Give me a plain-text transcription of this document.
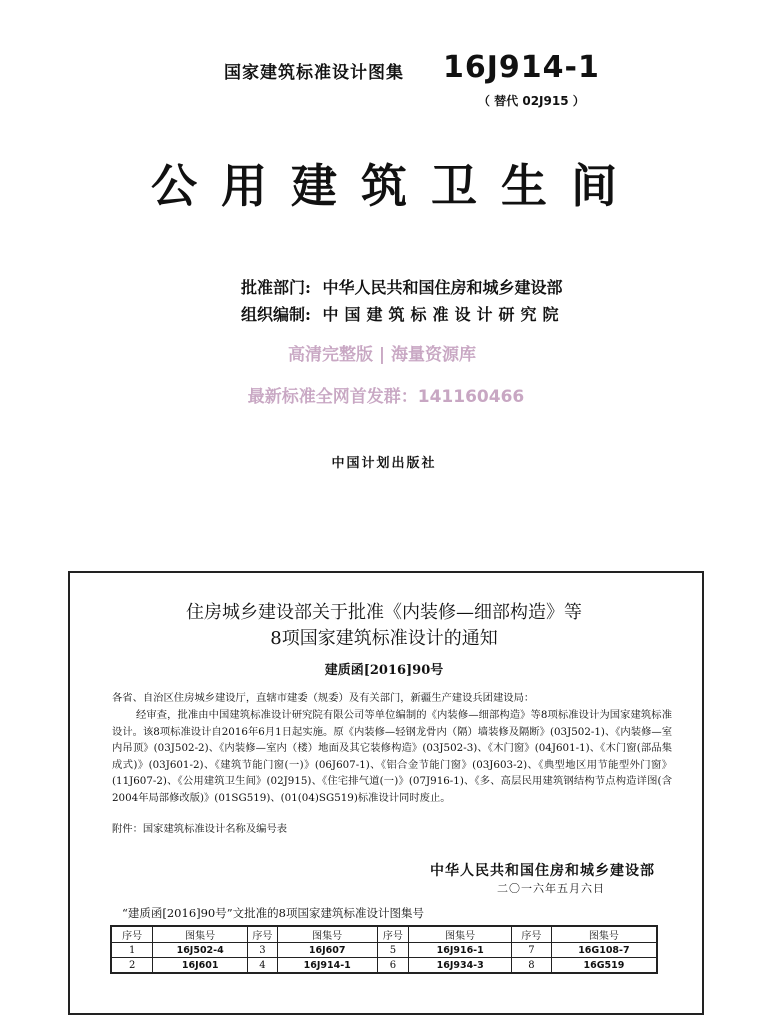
国家建筑标准设计图集 16J914-1
（ 替代 02J915 ）
公用建筑卫生间
批准部门: 中华人民共和国住房和城乡建设部
组织编制: 中国建筑标准设计研究院
高清完整版 | 海量资源库
最新标准全网首发群：141160466
中国计划出版社
住房城乡建设部关于批准《内装修—细部构造》等
8项国家建筑标准设计的通知
建质函[2016]90号
各省、自治区住房城乡建设厅，直辖市建委（规委）及有关部门，新疆生产建设兵团建设局：
经审查，批准由中国建筑标准设计研究院有限公司等单位编制的《内装修—细部构造》等8项标准设计为国家建筑标准设计。该8项标准设计自2016年6月1日起实施。原《内装修—轻钢龙骨内（隔）墙装修及隔断》(03J502-1)、《内装修—室内吊顶》(03J502-2)、《内装修—室内（楼）地面及其它装修构造》(03J502-3)、《木门窗》(04J601-1)、《木门窗(部品集成式)》(03J601-2)、《建筑节能门窗(一)》(06J607-1)、《铝合金节能门窗》(03J603-2)、《典型地区用节能型外门窗》(11J607-2)、《公用建筑卫生间》(02J915)、《住宅排气道(一)》(07J916-1)、《多、高层民用建筑钢结构节点构造详图(含2004年局部修改版)》(01SG519)、(01(04)SG519)标准设计同时废止。
附件：国家建筑标准设计名称及编号表
中华人民共和国住房和城乡建设部
二〇一六年五月六日
“建质函[2016]90号”文批准的8项国家建筑标准设计图集号
序号	图集号	序号	图集号	序号	图集号	序号	图集号
1	16J502-4	3	16J607	5	16J916-1	7	16G108-7
2	16J601	4	16J914-1	6	16J934-3	8	16G519
